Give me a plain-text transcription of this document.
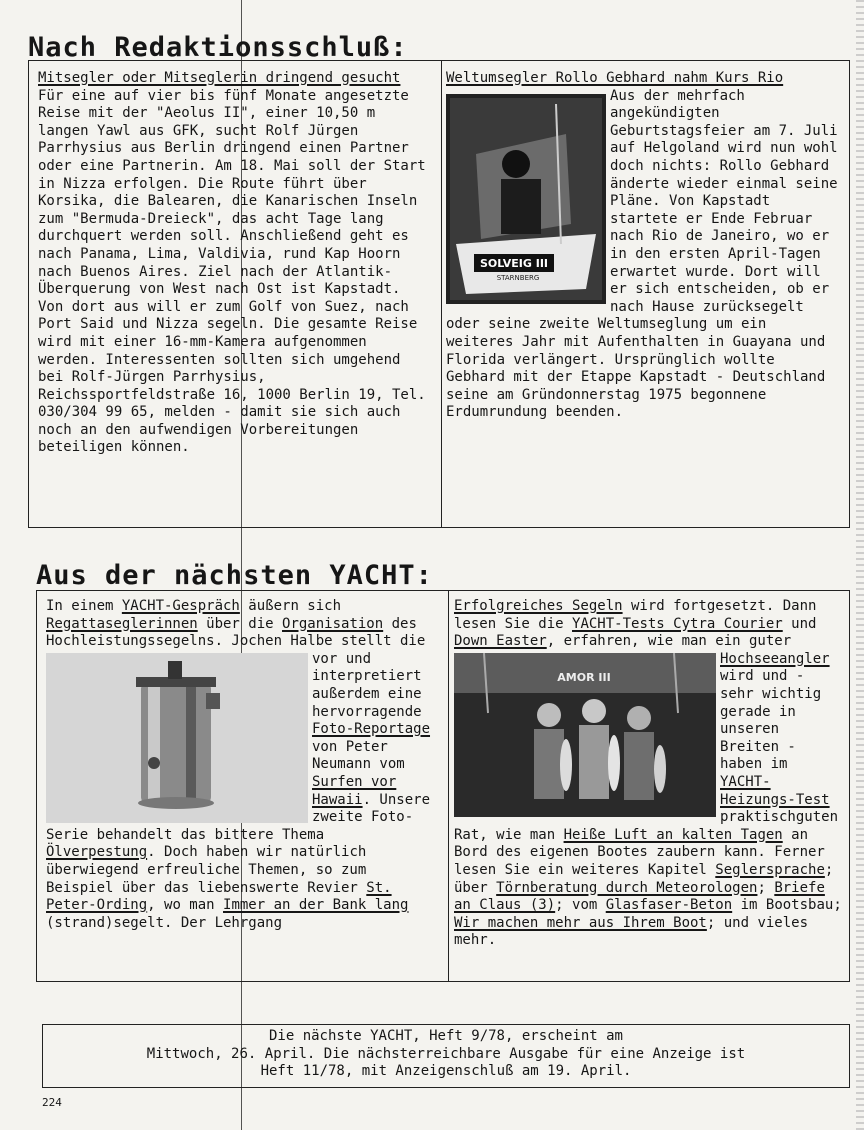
Nach Redaktionsschluß:
Mitsegler oder Mitseglerin dringend gesucht

Für eine auf vier bis fünf Monate angesetzte Reise mit der "Aeolus II", einer 10,50 m langen Yawl aus GFK, sucht Rolf Jürgen Parrhysius aus Berlin dringend einen Partner oder eine Partnerin. Am 18. Mai soll der Start in Nizza erfolgen. Die Route führt über Korsika, die Balearen, die Kanarischen Inseln zum "Bermuda-Dreieck", das acht Tage lang durchquert werden soll. Anschließend geht es nach Panama, Lima, Valdivia, rund Kap Hoorn nach Buenos Aires. Ziel nach der Atlantik-Überquerung von West nach Ost ist Kapstadt. Von dort aus will er zum Golf von Suez, nach Port Said und Nizza segeln. Die gesamte Reise wird mit einer 16-mm-Kamera aufgenommen werden. Interessenten sollten sich umgehend bei Rolf-Jürgen Parrhysius, Reichssportfeldstraße 16, 1000 Berlin 19, Tel. 030/304 99 65, melden - damit sie sich auch noch an den aufwendigen Vorbereitungen beteiligen können.

Weltumsegler Rollo Gebhard nahm Kurs Rio
SOLVEIG III
STARNBERG

Aus der mehrfach angekündigten Geburtstagsfeier am 7. Juli auf Helgoland wird nun wohl doch nichts: Rollo Gebhard änderte wieder einmal seine Pläne. Von Kapstadt startete er Ende Februar nach Rio de Janeiro, wo er in den ersten April-Tagen erwartet wurde. Dort will er sich entscheiden, ob er nach Hause zurücksegelt oder seine zweite Weltumseglung um ein weiteres Jahr mit Aufenthalten in Guayana und Florida verlängert. Ursprünglich wollte Gebhard mit der Etappe Kapstadt - Deutschland seine am Gründonnerstag 1975 begonnene Erdumrundung beenden.

Aus der nächsten YACHT:
In einem YACHT-Gespräch äußern sich Regattaseglerinnen über die Organisation des Hochleistungssegelns. Jochen Halbe stellt die
vor und interpretiert außerdem eine hervorragende Foto-Reportage von Peter Neumann vom Surfen vor Hawaii. Unsere zweite Foto-Serie behandelt das bittere Thema Ölverpestung. Doch haben wir natürlich überwiegend erfreuliche Themen, so zum Beispiel über das liebenswerte Revier St. Peter-Ording, wo man Immer an der Bank lang (strand)segelt. Der Lehrgang
Erfolgreiches Segeln wird fortgesetzt. Dann lesen Sie die YACHT-Tests Cytra Courier und Down Easter, erfahren, wie man ein guter Hochseeangler
AMOR III	wird und - sehr wichtig gerade in unseren Breiten - haben im YACHT-Heizungs-Test praktischguten Rat, wie man Heiße Luft an kalten Tagen an Bord des eigenen Bootes zaubern kann. Ferner lesen Sie ein weiteres Kapitel Seglersprache; über Törnberatung durch Meteorologen; Briefe an Claus (3); vom Glasfaser-Beton im Bootsbau; Wir machen mehr aus Ihrem Boot; und vieles mehr.
Die nächste YACHT, Heft 9/78, erscheint am
Mittwoch, 26. April. Die nächsterreichbare Ausgabe für eine Anzeige ist
Heft 11/78, mit Anzeigenschluß am 19. April.
224
